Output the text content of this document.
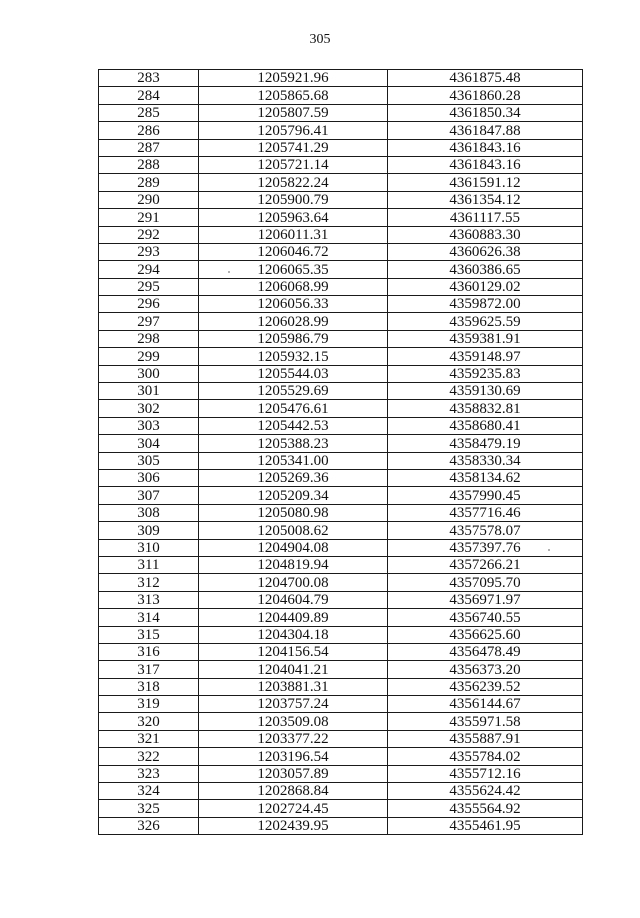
305
283	1205921.96	4361875.48
284	1205865.68	4361860.28
285	1205807.59	4361850.34
286	1205796.41	4361847.88
287	1205741.29	4361843.16
288	1205721.14	4361843.16
289	1205822.24	4361591.12
290	1205900.79	4361354.12
291	1205963.64	4361117.55
292	1206011.31	4360883.30
293	1206046.72	4360626.38
294	1206065.35	4360386.65
295	1206068.99	4360129.02
296	1206056.33	4359872.00
297	1206028.99	4359625.59
298	1205986.79	4359381.91
299	1205932.15	4359148.97
300	1205544.03	4359235.83
301	1205529.69	4359130.69
302	1205476.61	4358832.81
303	1205442.53	4358680.41
304	1205388.23	4358479.19
305	1205341.00	4358330.34
306	1205269.36	4358134.62
307	1205209.34	4357990.45
308	1205080.98	4357716.46
309	1205008.62	4357578.07
310	1204904.08	4357397.76
311	1204819.94	4357266.21
312	1204700.08	4357095.70
313	1204604.79	4356971.97
314	1204409.89	4356740.55
315	1204304.18	4356625.60
316	1204156.54	4356478.49
317	1204041.21	4356373.20
318	1203881.31	4356239.52
319	1203757.24	4356144.67
320	1203509.08	4355971.58
321	1203377.22	4355887.91
322	1203196.54	4355784.02
323	1203057.89	4355712.16
324	1202868.84	4355624.42
325	1202724.45	4355564.92
326	1202439.95	4355461.95
